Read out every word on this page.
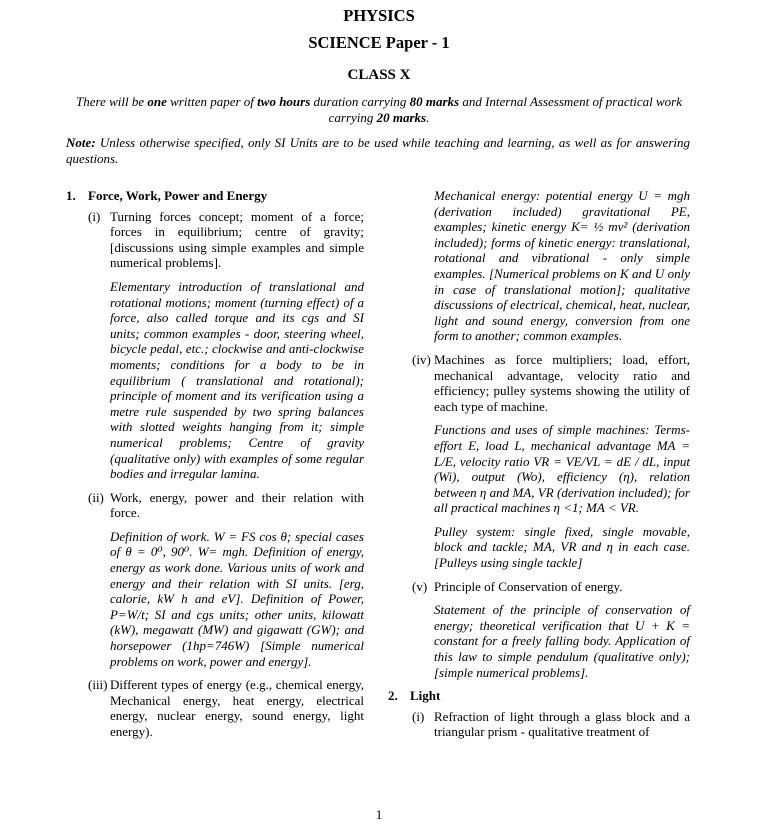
PHYSICS
SCIENCE Paper - 1
CLASS X
There will be one written paper of two hours duration carrying 80 marks and Internal Assessment of practical work carrying 20 marks.
Note: Unless otherwise specified, only SI Units are to be used while teaching and learning, as well as for answering questions.
1. Force, Work, Power and Energy
(i) Turning forces concept; moment of a force; forces in equilibrium; centre of gravity; [discussions using simple examples and simple numerical problems].
Elementary introduction of translational and rotational motions; moment (turning effect) of a force, also called torque and its cgs and SI units; common examples - door, steering wheel, bicycle pedal, etc.; clockwise and anti-clockwise moments; conditions for a body to be in equilibrium ( translational and rotational); principle of moment and its verification using a metre rule suspended by two spring balances with slotted weights hanging from it; simple numerical problems; Centre of gravity (qualitative only) with examples of some regular bodies and irregular lamina.
(ii) Work, energy, power and their relation with force.
Definition of work. W = FS cos θ; special cases of θ = 0⁰, 90⁰. W= mgh. Definition of energy, energy as work done. Various units of work and energy and their relation with SI units. [erg, calorie, kW h and eV]. Definition of Power, P=W/t; SI and cgs units; other units, kilowatt (kW), megawatt (MW) and gigawatt (GW); and horsepower (1hp=746W) [Simple numerical problems on work, power and energy].
(iii) Different types of energy (e.g., chemical energy, Mechanical energy, heat energy, electrical energy, nuclear energy, sound energy, light energy).
Mechanical energy: potential energy U = mgh (derivation included) gravitational PE, examples; kinetic energy K= ½ mv² (derivation included); forms of kinetic energy: translational, rotational and vibrational - only simple examples. [Numerical problems on K and U only in case of translational motion]; qualitative discussions of electrical, chemical, heat, nuclear, light and sound energy, conversion from one form to another; common examples.
(iv) Machines as force multipliers; load, effort, mechanical advantage, velocity ratio and efficiency; pulley systems showing the utility of each type of machine.
Functions and uses of simple machines: Terms- effort E, load L, mechanical advantage MA = L/E, velocity ratio VR = VE/VL = dE / dL, input (Wi), output (Wo), efficiency (η), relation between η and MA, VR (derivation included); for all practical machines η <1; MA < VR.
Pulley system: single fixed, single movable, block and tackle; MA, VR and η in each case. [Pulleys using single tackle]
(v) Principle of Conservation of energy.
Statement of the principle of conservation of energy; theoretical verification that U + K = constant for a freely falling body. Application of this law to simple pendulum (qualitative only); [simple numerical problems].
2. Light
(i) Refraction of light through a glass block and a triangular prism - qualitative treatment of
1
